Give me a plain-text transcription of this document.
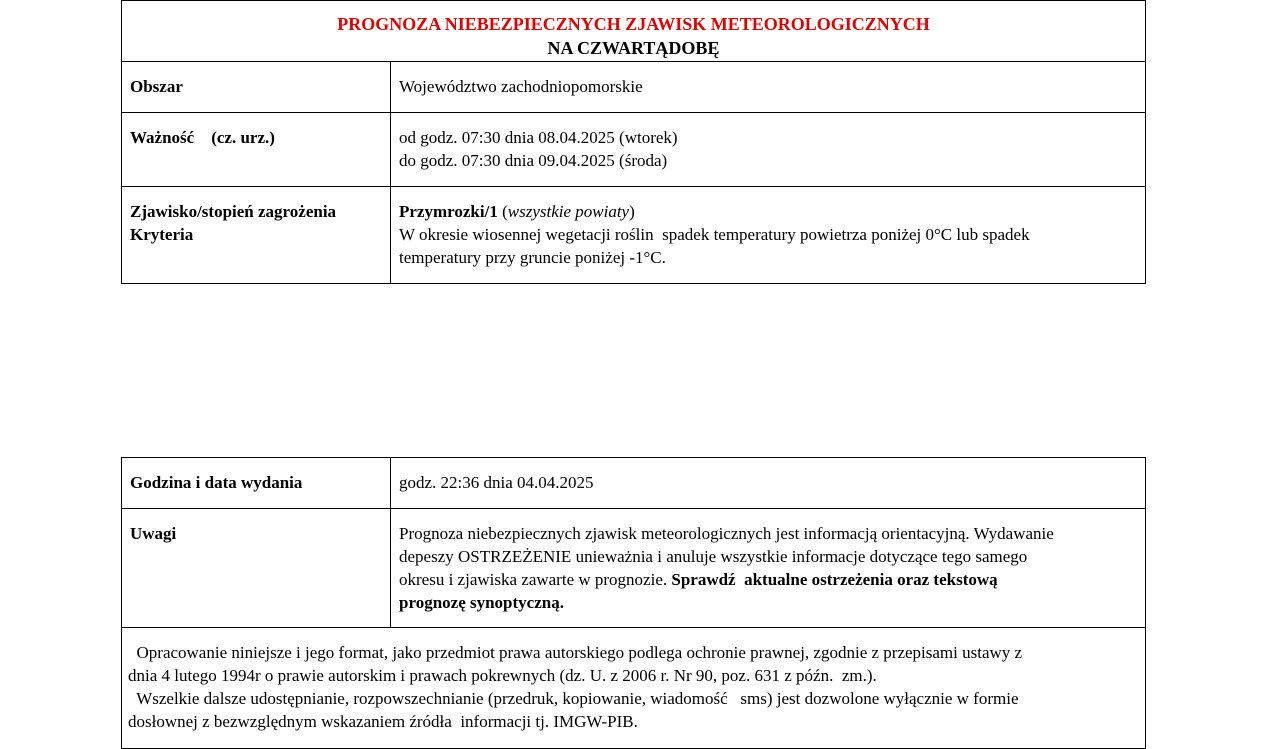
PROGNOZA NIEBEZPIECZNYCH ZJAWISK METEOROLOGICZNYCH
NA CZWARTĄDOBĘ	

Obszar	Województwo zachodniopomorskie
Ważność    (cz. urz.)	od godz. 07:30 dnia 08.04.2025 (wtorek)
do godz. 07:30 dnia 09.04.2025 (środa)

Zjawisko/stopień zagrożenia
Kryteria	Przymrozki/1 (wszystkie powiaty)
W okresie wiosennej wegetacji roślin  spadek temperatury powietrza poniżej 0°C lub spadek
temperatury przy gruncie poniżej -1°C.
Godzina i data wydania	godz. 22:36 dnia 04.04.2025
Uwagi	Prognoza niebezpiecznych zjawisk meteorologicznych jest informacją orientacyjną. Wydawanie
depeszy OSTRZEŻENIE unieważnia i anuluje wszystkie informacje dotyczące tego samego
okresu i zjawiska zawarte w prognozie. Sprawdź  aktualne ostrzeżenia oraz tekstową
prognozę synoptyczną.

Opracowanie niniejsze i jego format, jako przedmiot prawa autorskiego podlega ochronie prawnej, zgodnie z przepisami ustawy z
dnia 4 lutego 1994r o prawie autorskim i prawach pokrewnych (dz. U. z 2006 r. Nr 90, poz. 631 z późn.  zm.).
Wszelkie dalsze udostępnianie, rozpowszechnianie (przedruk, kopiowanie, wiadomość   sms) jest dozwolone wyłącznie w formie
dosłownej z bezwzględnym wskazaniem źródła  informacji tj. IMGW-PIB.	
